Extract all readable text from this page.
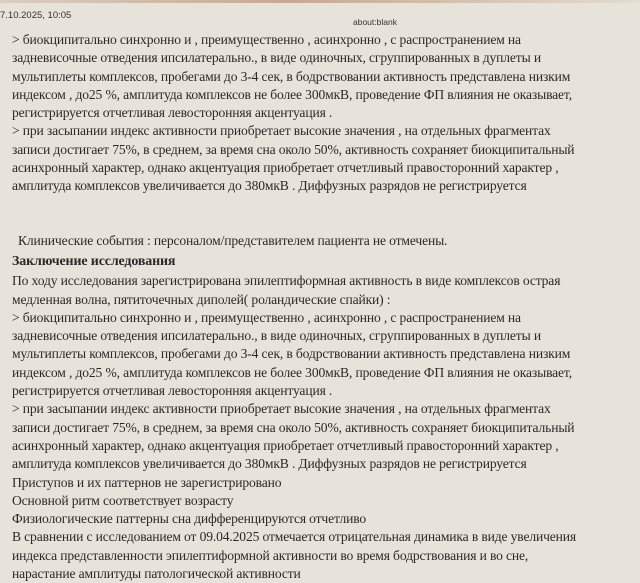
7.10.2025, 10:05
about:blank
> биокципитально синхронно и , преимущественно , асинхронно , с распространением на
задневисочные отведения ипсилатерально., в виде одиночных, сгруппированных в дуплеты и
мультиплеты комплексов, пробегами до 3-4 сек, в бодрствовании активность представлена низким
индексом , до25 %, амплитуда комплексов не более 300мкВ, проведение ФП влияния не оказывает,
регистрируется отчетливая левосторонняя акцентуация .
> при засыпании индекс активности приобретает высокие значения , на отдельных фрагментах
записи достигает 75%, в среднем, за время сна около 50%, активность сохраняет биокципитальный
асинхронный характер, однако акцентуация приобретает отчетливый правосторонний характер ,
амплитуда комплексов увеличивается до 380мкВ . Диффузных разрядов не регистрируется
Клинические события : персоналом/представителем пациента не отмечены.
Заключение исследования
По ходу исследования зарегистрирована эпилептиформная активность в виде комплексов острая
медленная волна, пятиточечных диполей( роландические спайки) :
> биокципитально синхронно и , преимущественно , асинхронно , с распространением на
задневисочные отведения ипсилатерально., в виде одиночных, сгруппированных в дуплеты и
мультиплеты комплексов, пробегами до 3-4 сек, в бодрствовании активность представлена низким
индексом , до25 %, амплитуда комплексов не более 300мкВ, проведение ФП влияния не оказывает,
регистрируется отчетливая левосторонняя акцентуация .
> при засыпании индекс активности приобретает высокие значения , на отдельных фрагментах
записи достигает 75%, в среднем, за время сна около 50%, активность сохраняет биокципитальный
асинхронный характер, однако акцентуация приобретает отчетливый правосторонний характер ,
амплитуда комплексов увеличивается до 380мкВ . Диффузных разрядов не регистрируется
Приступов и их паттернов не зарегистрировано
Основной ритм соответствует возрасту
Физиологические паттерны сна дифференцируются отчетливо
В сравнении с исследованием от 09.04.2025 отмечается отрицательная динамика в виде увеличения
индекса представленности эпилептиформной активности во время бодрствования и во сне,
нарастание амплитуды патологической активности
